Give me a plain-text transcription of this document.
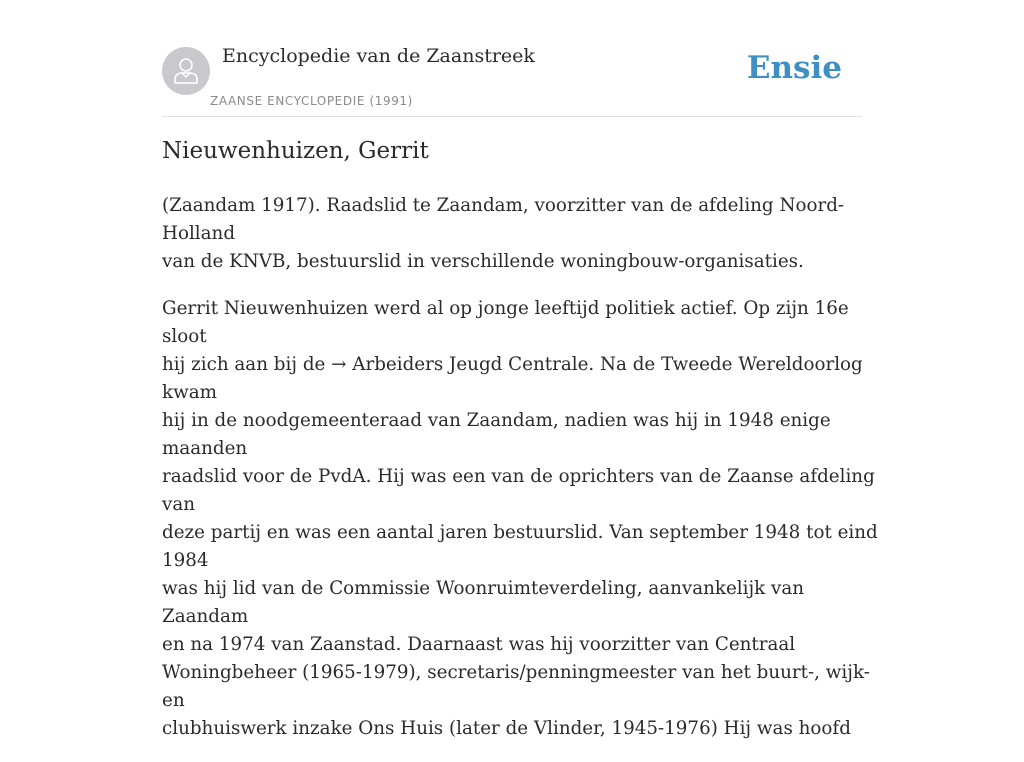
Encyclopedie van de Zaanstreek
ZAANSE ENCYCLOPEDIE (1991)
Ensie
Nieuwenhuizen, Gerrit

(Zaandam 1917). Raadslid te Zaandam, voorzitter van de afdeling Noord-Holland
van de KNVB, bestuurslid in verschillende woningbouw-organisaties.

Gerrit Nieuwenhuizen werd al op jonge leeftijd politiek actief. Op zijn 16e sloot
hij zich aan bij de → Arbeiders Jeugd Centrale. Na de Tweede Wereldoorlog kwam
hij in de noodgemeenteraad van Zaandam, nadien was hij in 1948 enige maanden
raadslid voor de PvdA. Hij was een van de oprichters van de Zaanse afdeling van
deze partij en was een aantal jaren bestuurslid. Van september 1948 tot eind 1984
was hij lid van de Commissie Woonruimteverdeling, aanvankelijk van Zaandam
en na 1974 van Zaanstad. Daarnaast was hij voorzitter van Centraal
Woningbeheer (1965-1979), secretaris/penningmeester van het buurt-, wijk- en
clubhuiswerk inzake Ons Huis (later de Vlinder, 1945-1976) Hij was hoofd
